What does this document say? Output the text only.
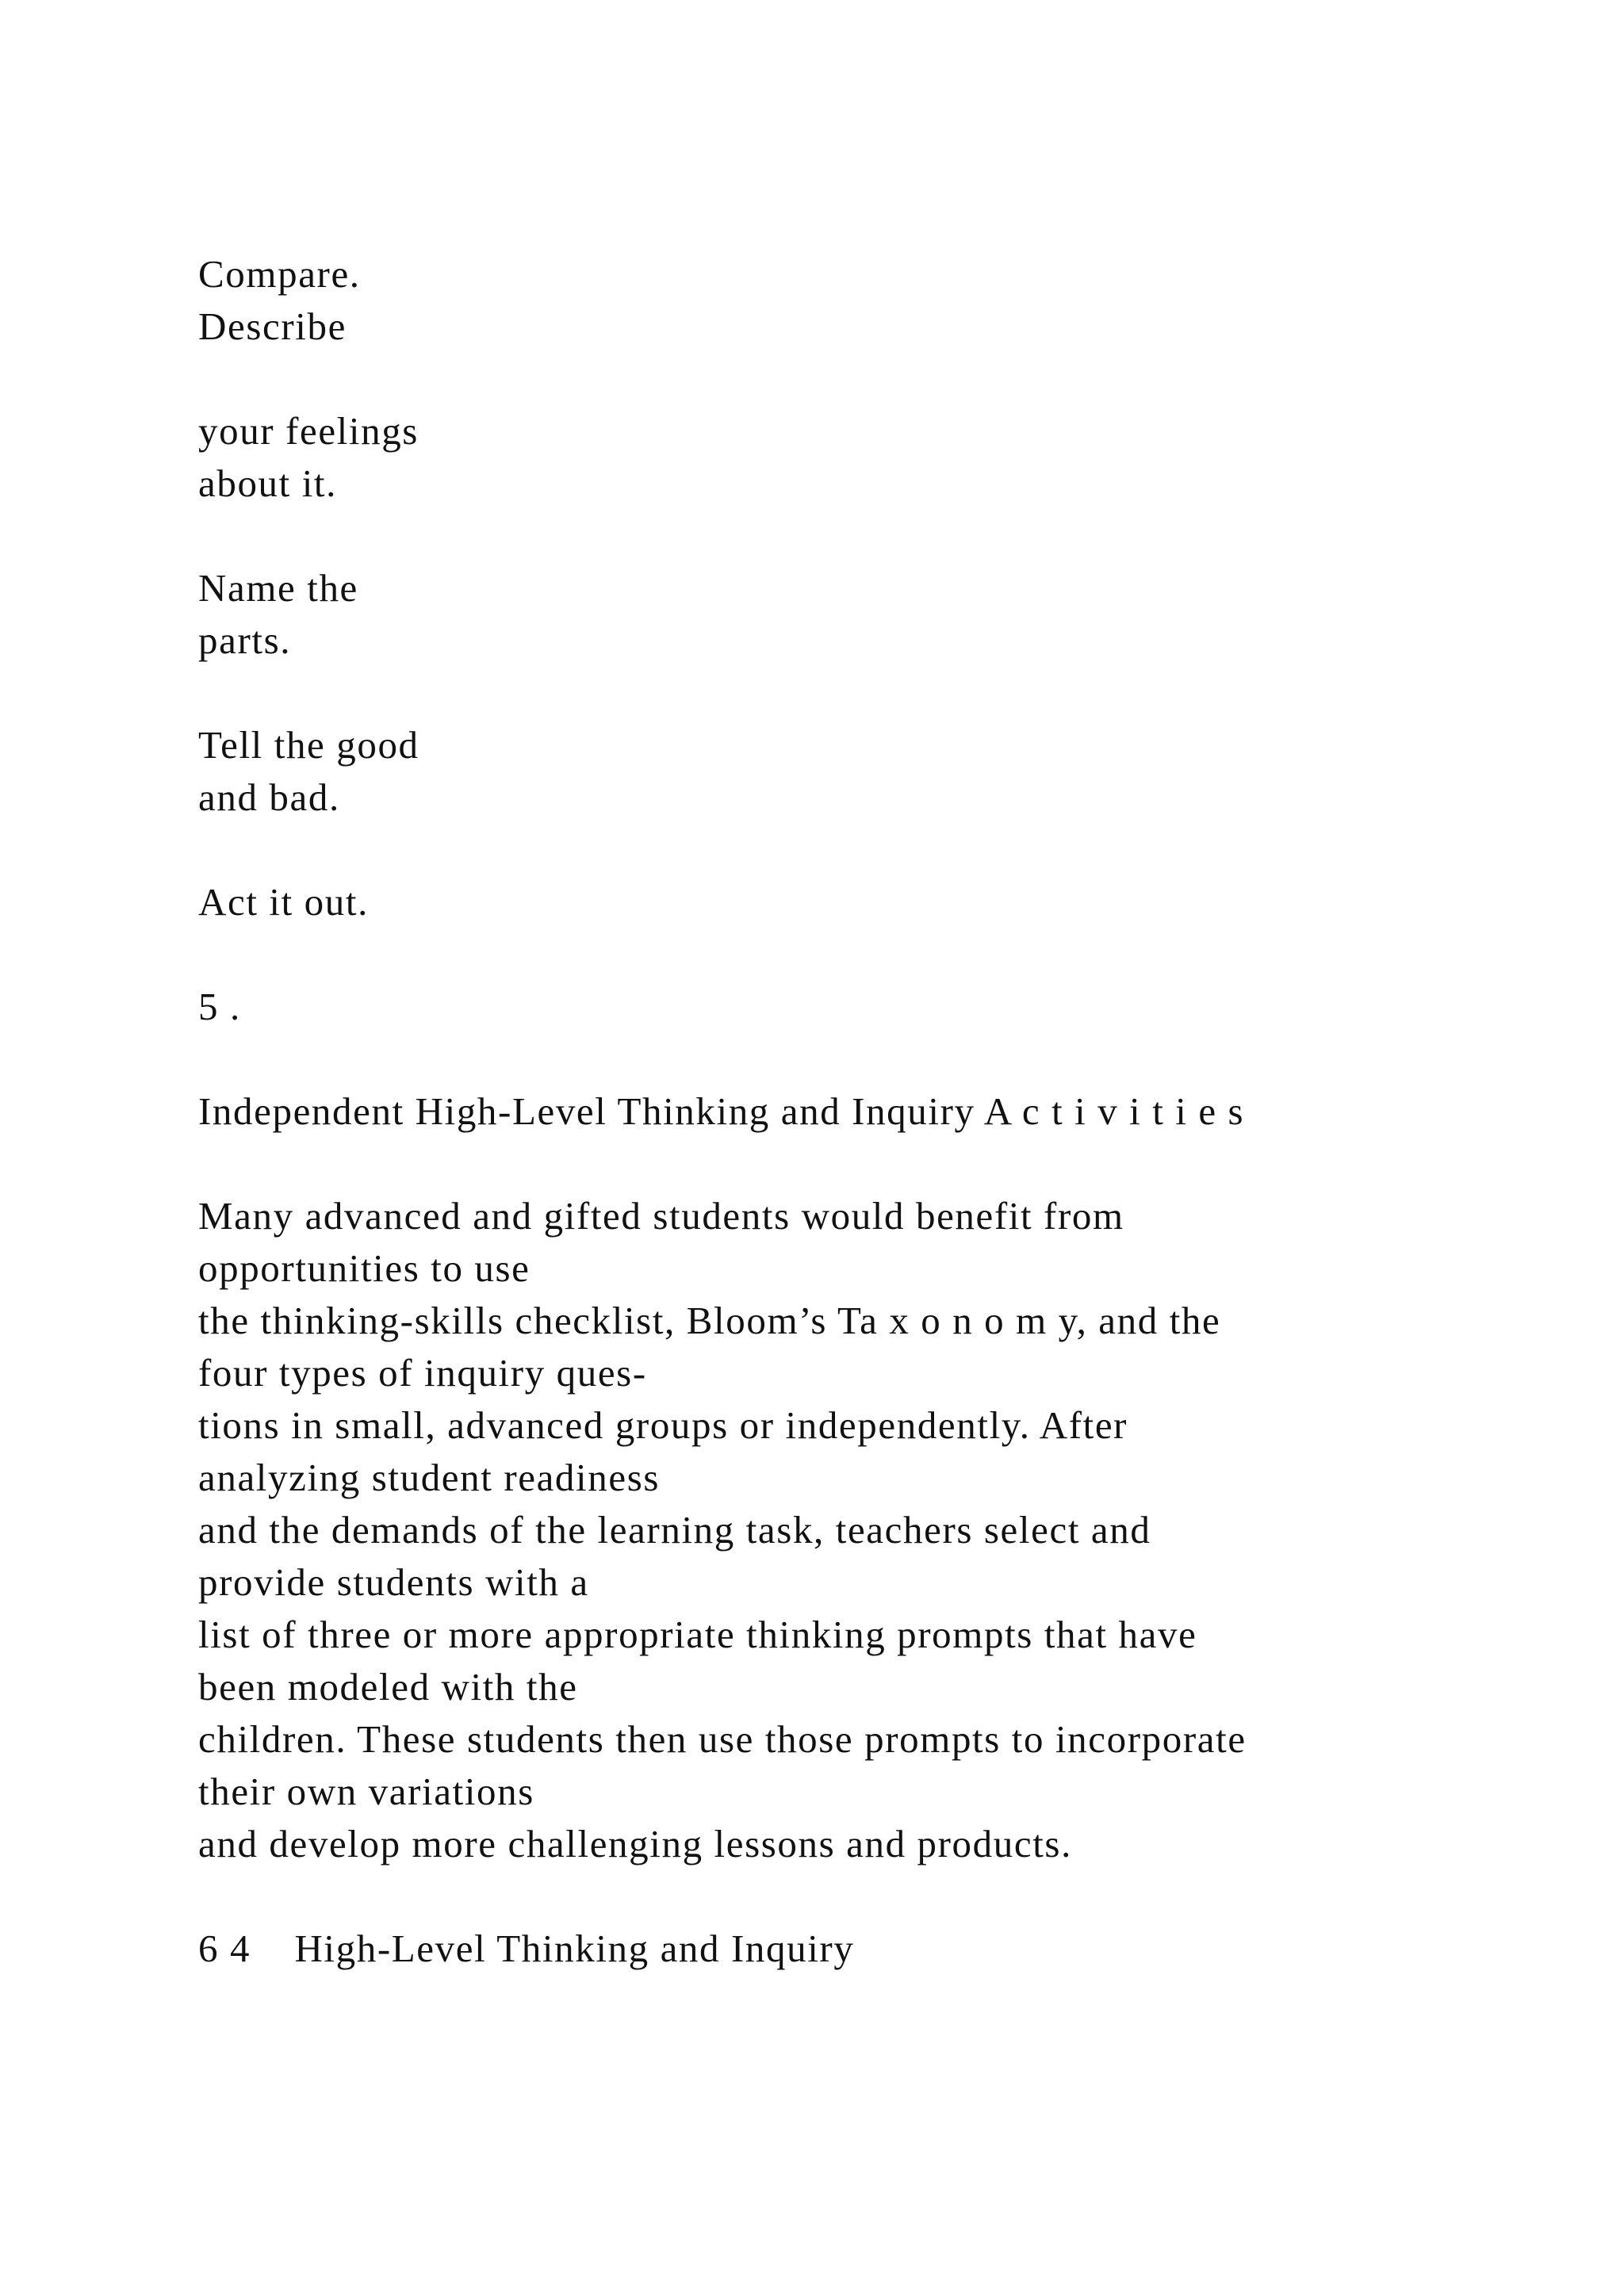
Compare.
Describe
your feelings
about it.
Name the
parts.
Tell the good
and bad.
Act it out.
5 .
Independent High-Level Thinking and Inquiry A c t i v i t i e s
Many advanced and gifted students would benefit from
opportunities to use
the thinking-skills checklist, Bloom’s Ta x o n o m y, and the
four types of inquiry ques-
tions in small, advanced groups or independently. After
analyzing student readiness
and the demands of the learning task, teachers select and
provide students with a
list of three or more appropriate thinking prompts that have
been modeled with the
children. These students then use those prompts to incorporate
their own variations
and develop more challenging lessons and products.
6 4    High-Level Thinking and Inquiry
